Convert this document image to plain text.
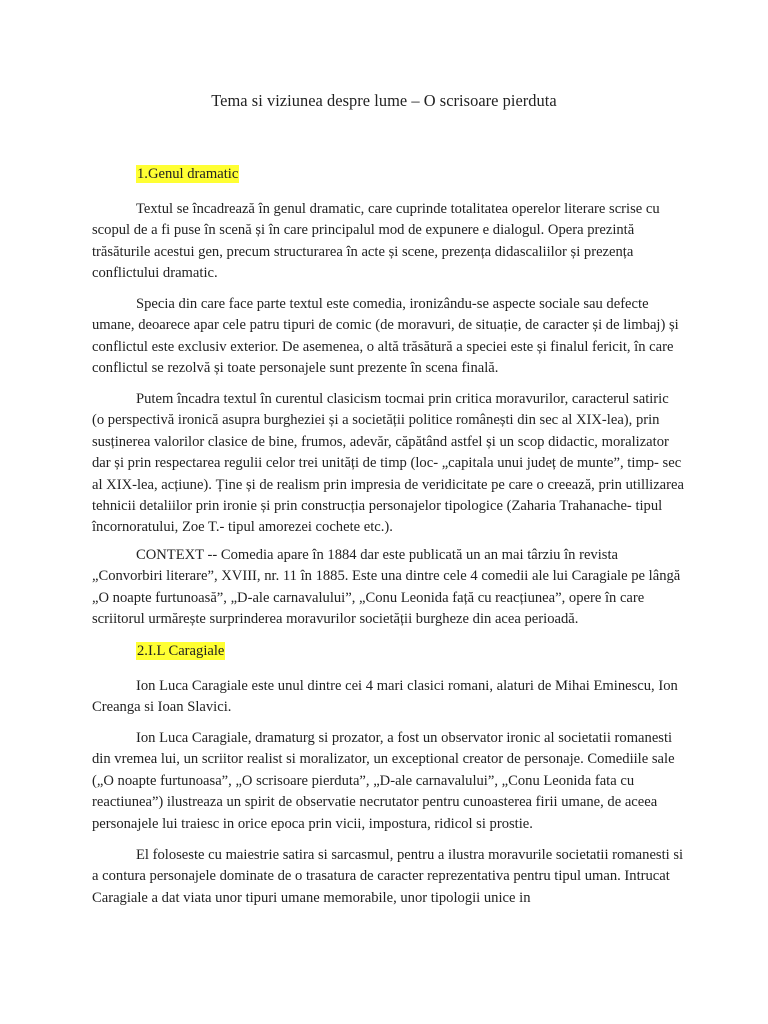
Tema si viziunea despre lume – O scrisoare pierduta
1.Genul dramatic

Textul se încadrează în genul dramatic, care cuprinde totalitatea operelor literare scrise cu scopul de a fi puse în scenă și în care principalul mod de expunere e dialogul. Opera prezintă trăsăturile acestui gen, precum structurarea în acte și scene, prezența didascaliilor și prezența conflictului dramatic.

Specia din care face parte textul este comedia, ironizându-se aspecte sociale sau defecte umane, deoarece apar cele patru tipuri de comic (de moravuri, de situație, de caracter și de limbaj) și conflictul este exclusiv exterior. De asemenea, o altă trăsătură a speciei este și finalul fericit, în care conflictul se rezolvă și toate personajele sunt prezente în scena finală.

Putem încadra textul în curentul clasicism tocmai prin critica moravurilor, caracterul satiric (o perspectivă ironică asupra burgheziei și a societății politice românești din sec al XIX-lea), prin susținerea valorilor clasice de bine, frumos, adevăr, căpătând astfel și un scop didactic, moralizator dar și prin respectarea regulii celor trei unități de timp (loc- „capitala unui județ de munte”, timp- sec al XIX-lea, acțiune). Ține și de realism prin impresia de veridicitate pe care o creează, prin utillizarea tehnicii detaliilor prin ironie și prin construcția personajelor tipologice (Zaharia Trahanache- tipul încornoratului, Zoe T.- tipul amorezei cochete etc.).

CONTEXT -- Comedia apare în 1884 dar este publicată un an mai târziu în revista „Convorbiri literare”, XVIII, nr. 11 în 1885. Este una dintre cele 4 comedii ale lui Caragiale pe lângă „O noapte furtunoasă”, „D-ale carnavalului”, „Conu Leonida față cu reacțiunea”, opere în care scriitorul urmărește surprinderea moravurilor societății burgheze din acea perioadă.

2.I.L Caragiale

Ion Luca Caragiale este unul dintre cei 4 mari clasici romani, alaturi de Mihai Eminescu, Ion Creanga si Ioan Slavici.

Ion Luca Caragiale, dramaturg si prozator, a fost un observator ironic al societatii romanesti din vremea lui, un scriitor realist si moralizator, un exceptional creator de personaje. Comediile sale („O noapte furtunoasa”, „O scrisoare pierduta”, „D-ale carnavalului”, „Conu Leonida fata cu reactiunea”) ilustreaza un spirit de observatie necrutator pentru cunoasterea firii umane, de aceea personajele lui traiesc in orice epoca prin vicii, impostura, ridicol si prostie.

El foloseste cu maiestrie satira si sarcasmul, pentru a ilustra moravurile societatii romanesti si a contura personajele dominate de o trasatura de caracter reprezentativa pentru tipul uman. Intrucat Caragiale a dat viata unor tipuri umane memorabile, unor tipologii unice in
